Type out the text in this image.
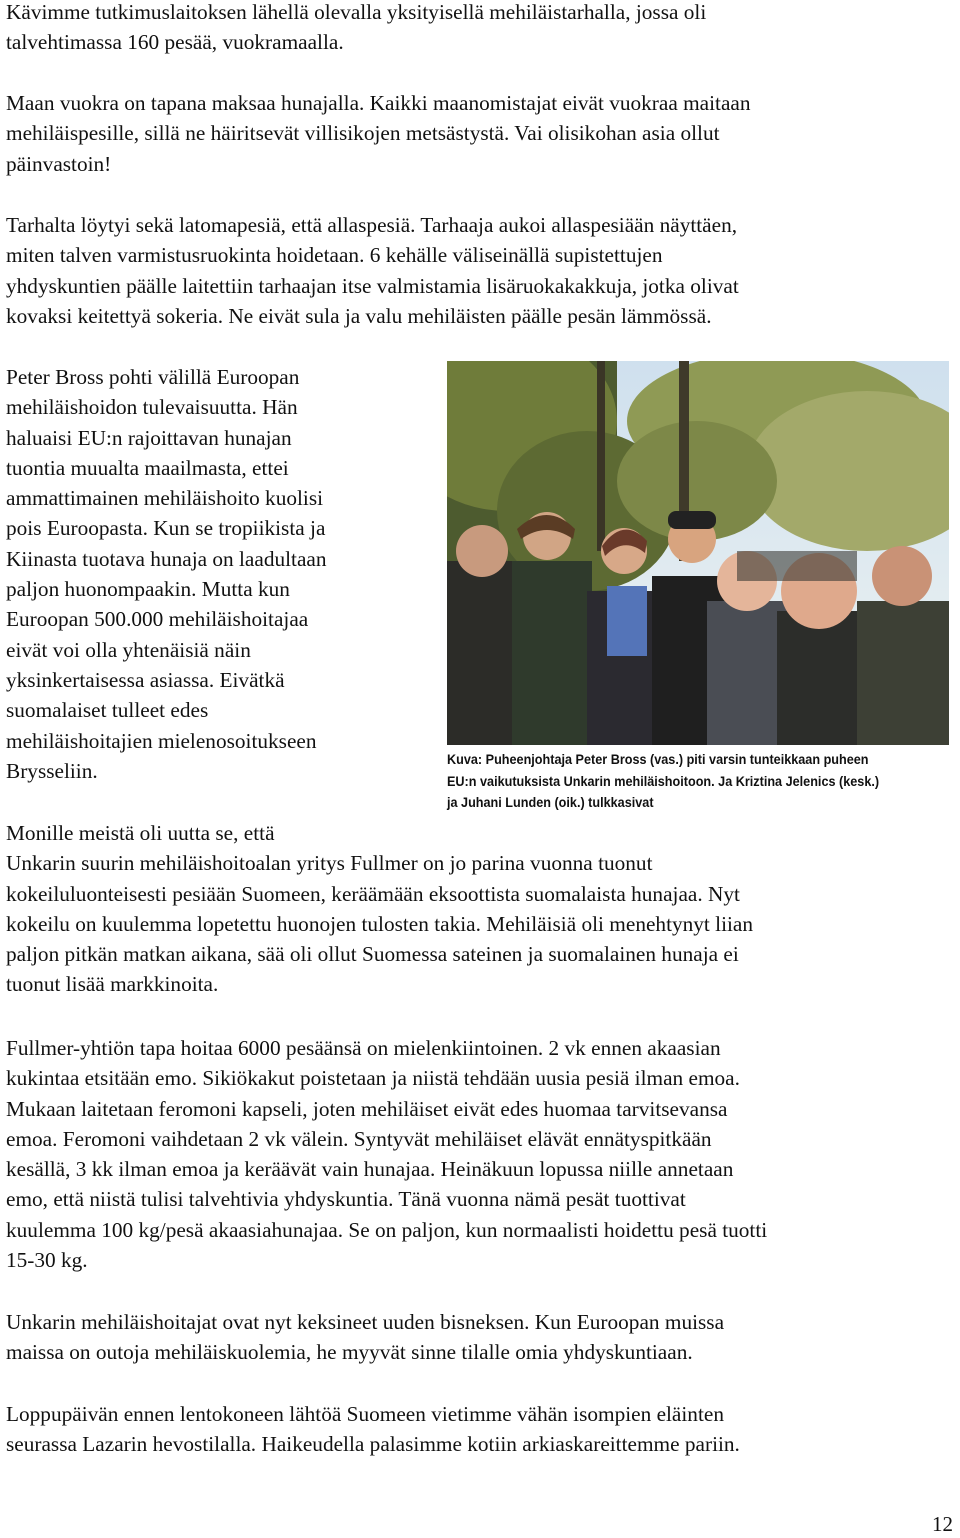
Kävimme tutkimuslaitoksen lähellä olevalla yksityisellä mehiläistarhalla, jossa oli
talvehtimassa 160 pesää, vuokramaalla.
Maan vuokra on tapana maksaa hunajalla. Kaikki maanomistajat eivät vuokraa maitaan
mehiläispesille, sillä ne häiritsevät villisikojen metsästystä. Vai olisikohan asia ollut
päinvastoin!
Tarhalta löytyi sekä latomapesiä, että allaspesiä. Tarhaaja aukoi allaspesiään näyttäen,
miten talven varmistusruokinta hoidetaan. 6 kehälle väliseinällä supistettujen
yhdyskuntien päälle laitettiin tarhaajan itse valmistamia lisäruokakakkuja, jotka olivat
kovaksi keitettyä sokeria. Ne eivät sula ja valu mehiläisten päälle pesän lämmössä.
Peter Bross pohti välillä Euroopan
mehiläishoidon tulevaisuutta. Hän
haluaisi EU:n rajoittavan hunajan
tuontia muualta maailmasta, ettei
ammattimainen mehiläishoito kuolisi
pois Euroopasta. Kun se tropiikista ja
Kiinasta tuotava hunaja on laadultaan
paljon huonompaakin. Mutta kun
Euroopan 500.000 mehiläishoitajaa
eivät voi olla yhtenäisiä näin
yksinkertaisessa asiassa. Eivätkä
suomalaiset tulleet edes
mehiläishoitajien mielenosoitukseen
Brysseliin.	Kuva: Puheenjohtaja Peter Bross (vas.) piti varsin tunteikkaan puheen
EU:n vaikutuksista Unkarin mehiläishoitoon. Ja Kriztina Jelenics (kesk.)
ja Juhani Lunden (oik.) tulkkasivat
Monille meistä oli uutta se, että
Unkarin suurin mehiläishoitoalan yritys Fullmer on jo parina vuonna tuonut
kokeiluluonteisesti pesiään Suomeen, keräämään eksoottista suomalaista hunajaa. Nyt
kokeilu on kuulemma lopetettu huonojen tulosten takia. Mehiläisiä oli menehtynyt liian
paljon pitkän matkan aikana, sää oli ollut Suomessa sateinen ja suomalainen hunaja ei
tuonut lisää markkinoita.
Fullmer-yhtiön tapa hoitaa 6000 pesäänsä on mielenkiintoinen. 2 vk ennen akaasian
kukintaa etsitään emo. Sikiökakut poistetaan ja niistä tehdään uusia pesiä ilman emoa.
Mukaan laitetaan feromoni kapseli, joten mehiläiset eivät edes huomaa tarvitsevansa
emoa. Feromoni vaihdetaan 2 vk välein. Syntyvät mehiläiset elävät ennätyspitkään
kesällä, 3 kk ilman emoa ja keräävät vain hunajaa. Heinäkuun lopussa niille annetaan
emo, että niistä tulisi talvehtivia yhdyskuntia. Tänä vuonna nämä pesät tuottivat
kuulemma 100 kg/pesä akaasiahunajaa. Se on paljon, kun normaalisti hoidettu pesä tuotti
15-30 kg.
Unkarin mehiläishoitajat ovat nyt keksineet uuden bisneksen. Kun Euroopan muissa
maissa on outoja mehiläiskuolemia, he myyvät sinne tilalle omia yhdyskuntiaan.
Loppupäivän ennen lentokoneen lähtöä Suomeen vietimme vähän isompien eläinten
seurassa Lazarin hevostilalla. Haikeudella palasimme kotiin arkiaskareittemme pariin.
12
